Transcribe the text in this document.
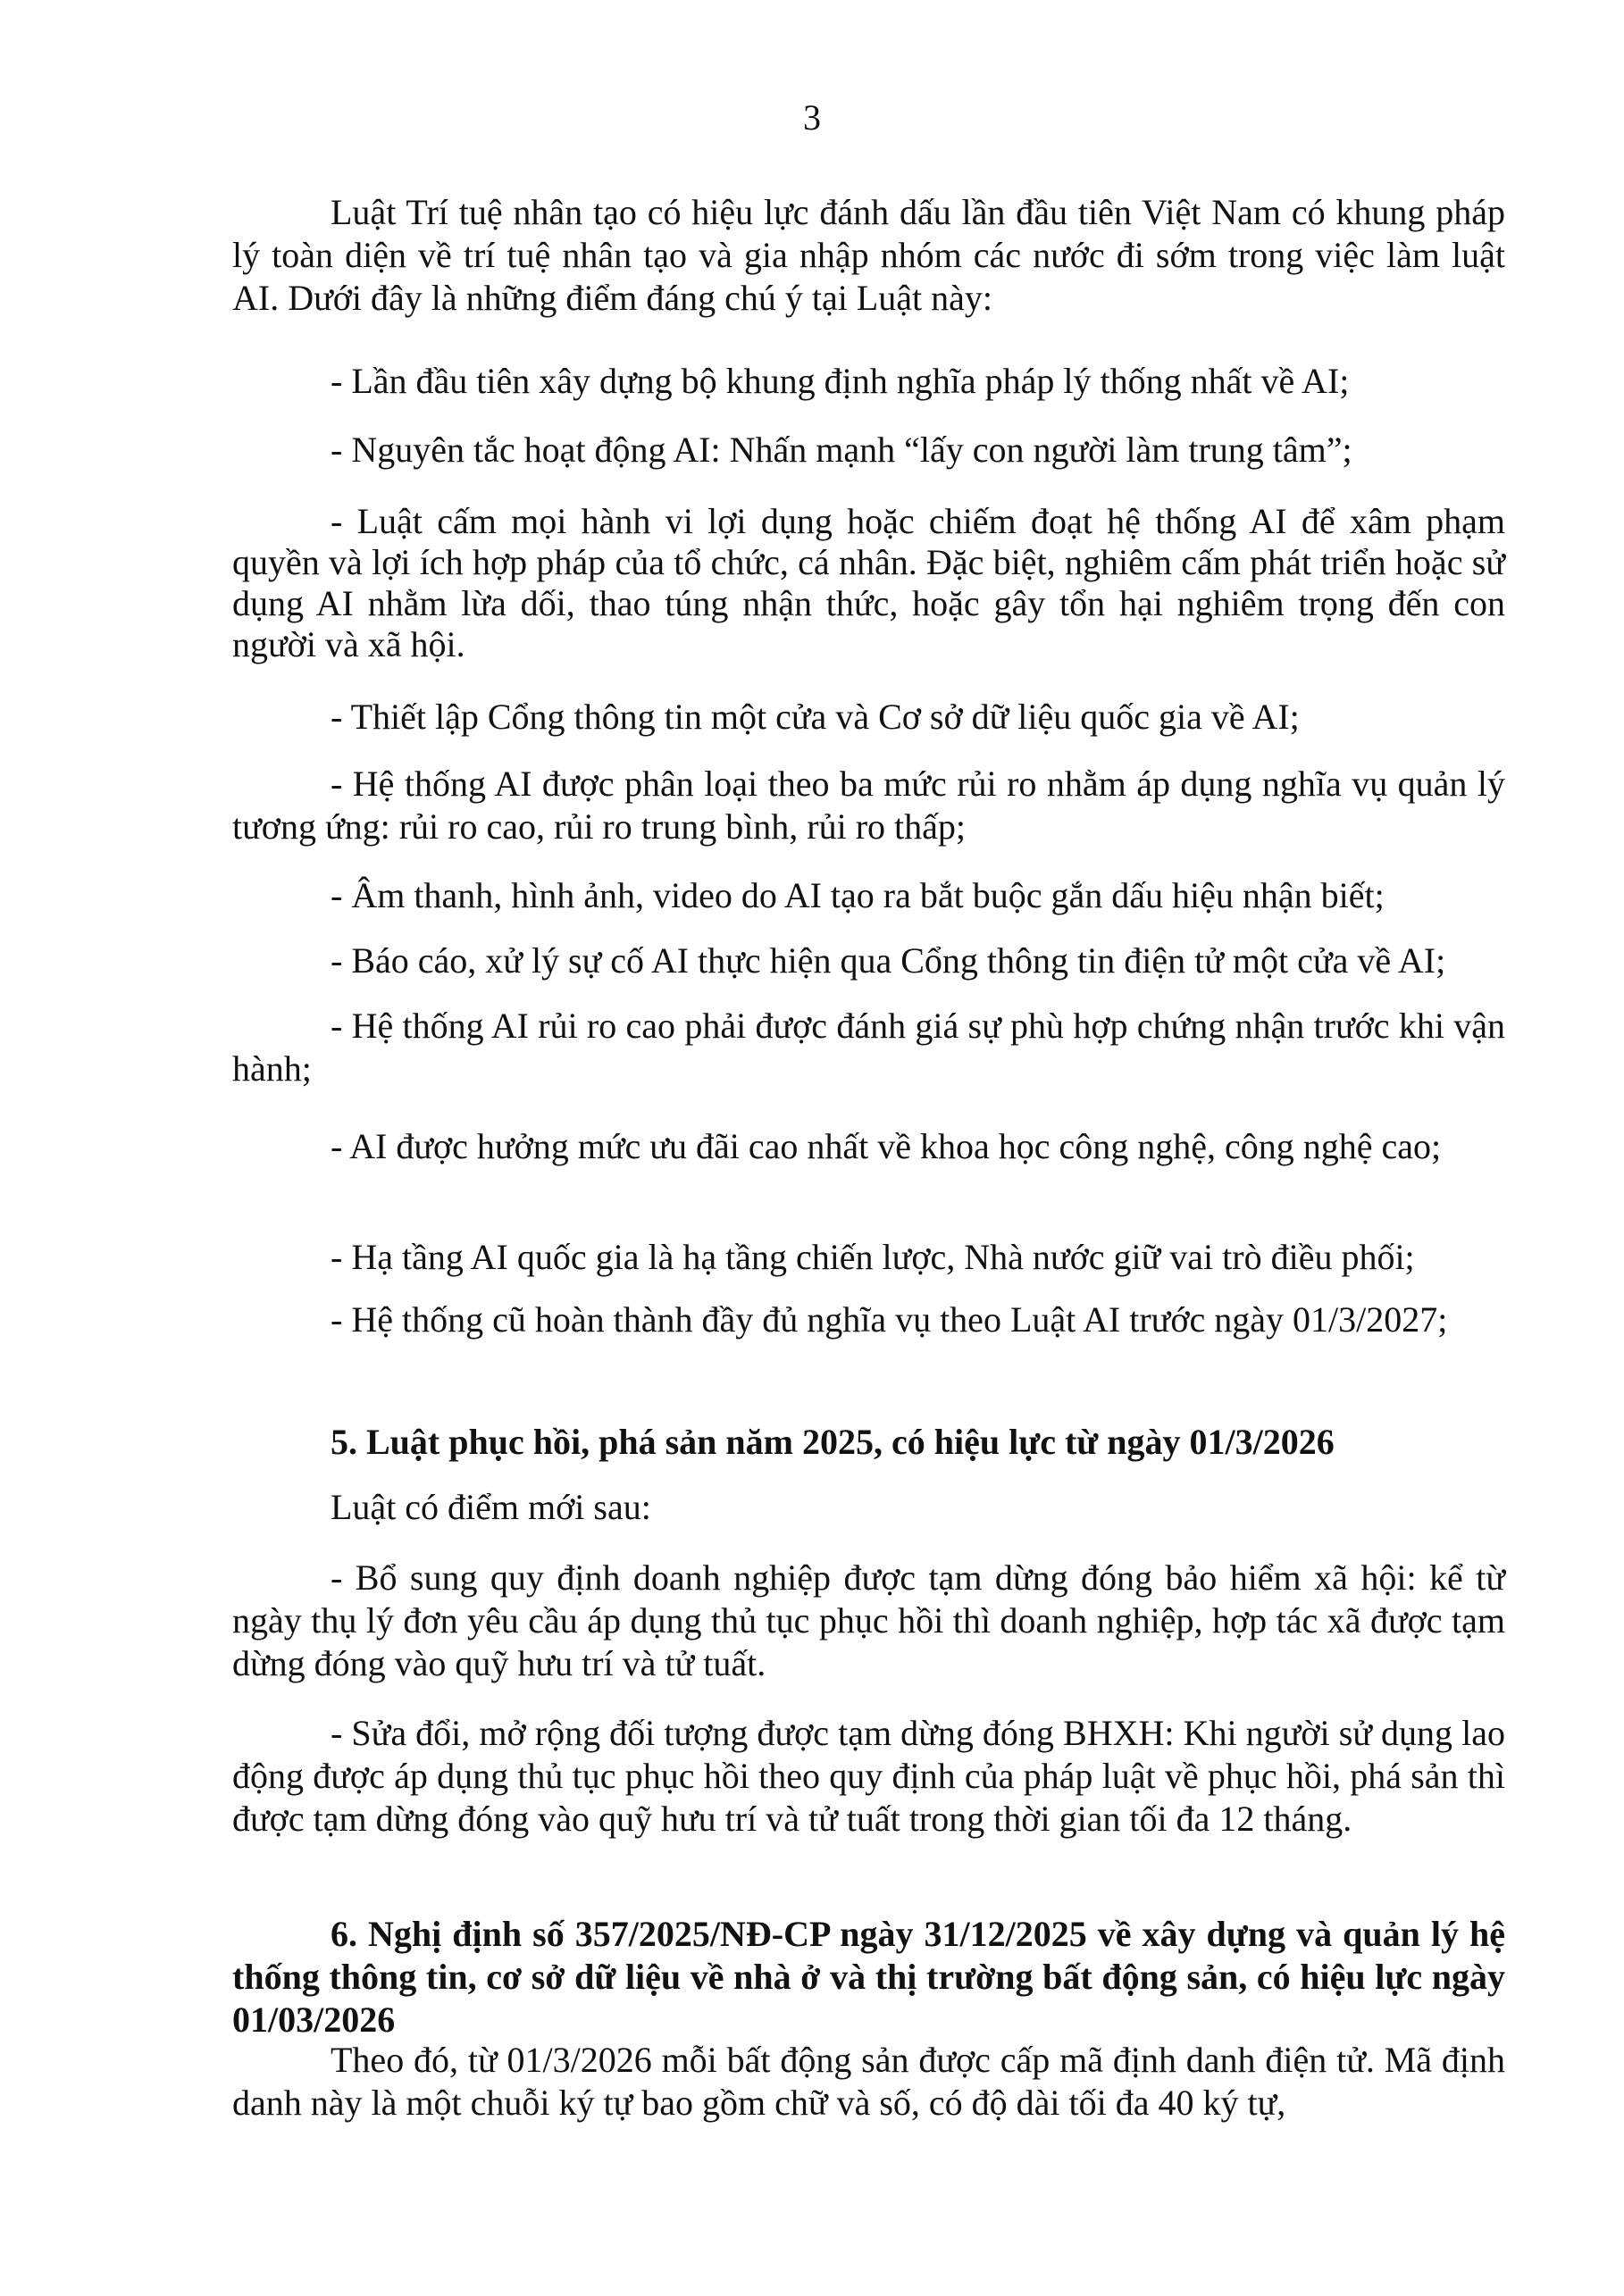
3

Luật Trí tuệ nhân tạo có hiệu lực đánh dấu lần đầu tiên Việt Nam có khung pháp lý toàn diện về trí tuệ nhân tạo và gia nhập nhóm các nước đi sớm trong việc làm luật AI. Dưới đây là những điểm đáng chú ý tại Luật này:

- Lần đầu tiên xây dựng bộ khung định nghĩa pháp lý thống nhất về AI;

- Nguyên tắc hoạt động AI: Nhấn mạnh “lấy con người làm trung tâm”;

- Luật cấm mọi hành vi lợi dụng hoặc chiếm đoạt hệ thống AI để xâm phạm quyền và lợi ích hợp pháp của tổ chức, cá nhân. Đặc biệt, nghiêm cấm phát triển hoặc sử dụng AI nhằm lừa dối, thao túng nhận thức, hoặc gây tổn hại nghiêm trọng đến con người và xã hội.

- Thiết lập Cổng thông tin một cửa và Cơ sở dữ liệu quốc gia về AI;

- Hệ thống AI được phân loại theo ba mức rủi ro nhằm áp dụng nghĩa vụ quản lý tương ứng: rủi ro cao, rủi ro trung bình, rủi ro thấp;

- Âm thanh, hình ảnh, video do AI tạo ra bắt buộc gắn dấu hiệu nhận biết;

- Báo cáo, xử lý sự cố AI thực hiện qua Cổng thông tin điện tử một cửa về AI;

- Hệ thống AI rủi ro cao phải được đánh giá sự phù hợp chứng nhận trước khi vận hành;

- AI được hưởng mức ưu đãi cao nhất về khoa học công nghệ, công nghệ cao;

- Hạ tầng AI quốc gia là hạ tầng chiến lược, Nhà nước giữ vai trò điều phối;

- Hệ thống cũ hoàn thành đầy đủ nghĩa vụ theo Luật AI trước ngày 01/3/2027;

5. Luật phục hồi, phá sản năm 2025, có hiệu lực từ ngày 01/3/2026

Luật có điểm mới sau:

- Bổ sung quy định doanh nghiệp được tạm dừng đóng bảo hiểm xã hội: kể từ ngày thụ lý đơn yêu cầu áp dụng thủ tục phục hồi thì doanh nghiệp, hợp tác xã được tạm dừng đóng vào quỹ hưu trí và tử tuất.

- Sửa đổi, mở rộng đối tượng được tạm dừng đóng BHXH: Khi người sử dụng lao động được áp dụng thủ tục phục hồi theo quy định của pháp luật về phục hồi, phá sản thì được tạm dừng đóng vào quỹ hưu trí và tử tuất trong thời gian tối đa 12 tháng.

6. Nghị định số 357/2025/NĐ-CP ngày 31/12/2025 về xây dựng và quản lý hệ thống thông tin, cơ sở dữ liệu về nhà ở và thị trường bất động sản, có hiệu lực ngày 01/03/2026

Theo đó, từ 01/3/2026 mỗi bất động sản được cấp mã định danh điện tử. Mã định danh này là một chuỗi ký tự bao gồm chữ và số, có độ dài tối đa 40 ký tự,
